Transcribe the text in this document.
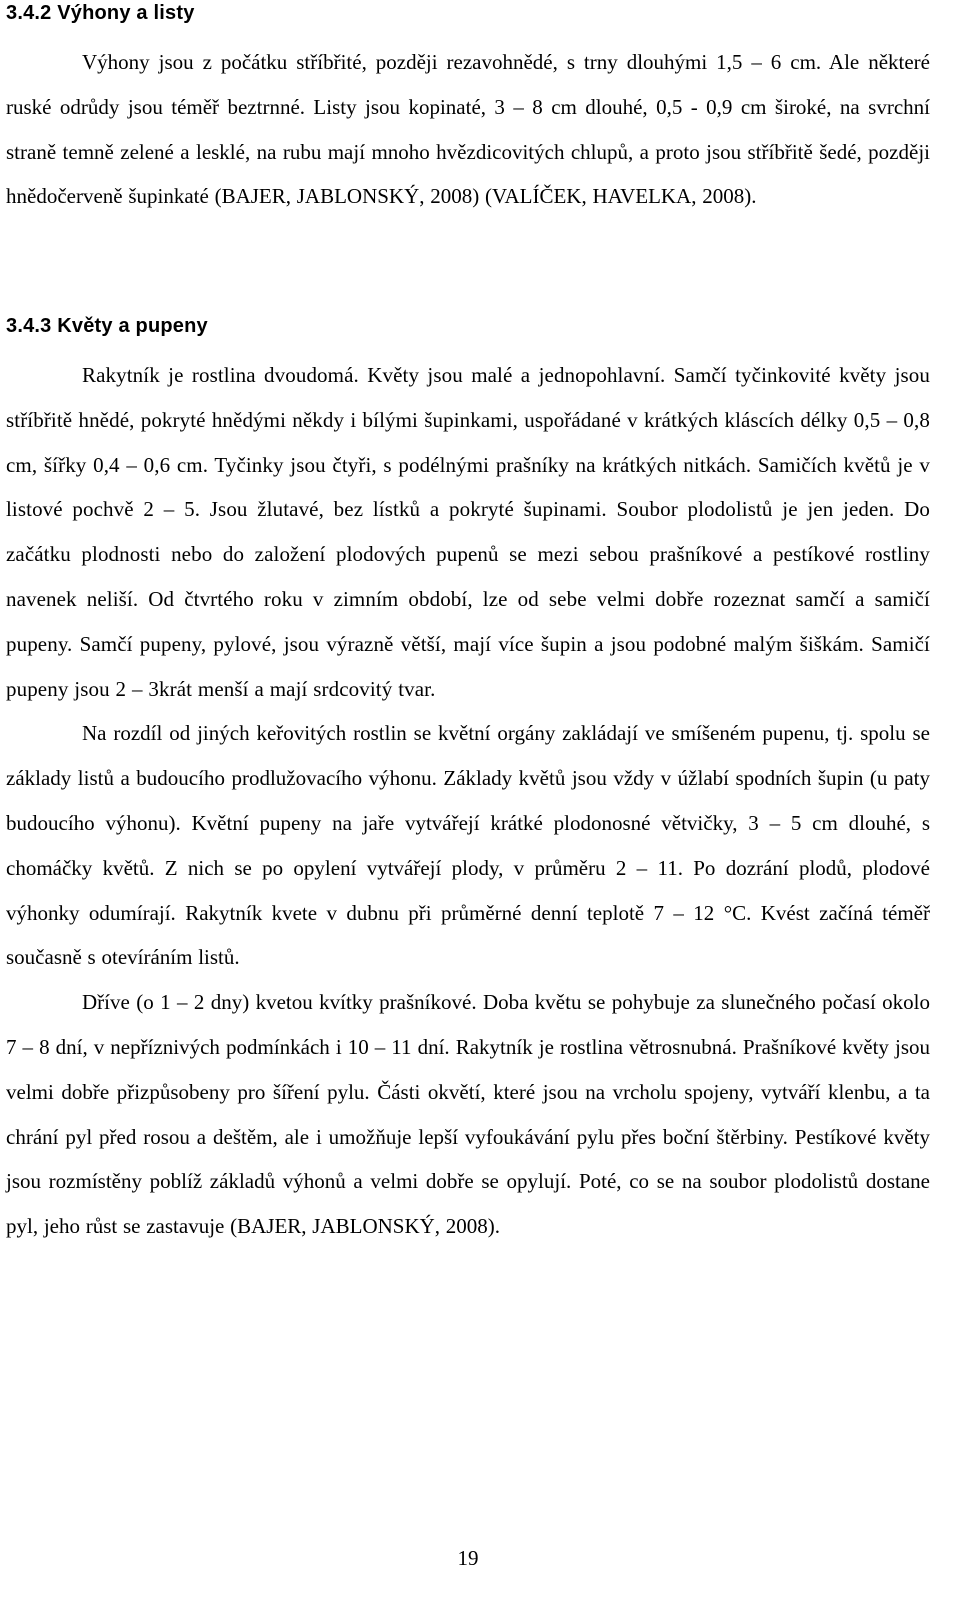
3.4.2 Výhony a listy

Výhony jsou z počátku stříbřité, později rezavohnědé, s trny dlouhými 1,5 – 6 cm. Ale některé ruské odrůdy jsou téměř beztrnné. Listy jsou kopinaté, 3 – 8 cm dlouhé, 0,5 - 0,9 cm široké, na svrchní straně temně zelené a lesklé, na rubu mají mnoho hvězdicovitých chlupů, a proto jsou stříbřitě šedé, později hnědočerveně šupinkaté (BAJER, JABLONSKÝ, 2008) (VALÍČEK, HAVELKA, 2008).

3.4.3 Květy a pupeny

Rakytník je rostlina dvoudomá. Květy jsou malé a jednopohlavní. Samčí tyčinkovité květy jsou stříbřitě hnědé, pokryté hnědými někdy i bílými šupinkami, uspořádané v krátkých kláscích délky 0,5 – 0,8 cm, šířky 0,4 – 0,6 cm. Tyčinky jsou čtyři, s podélnými prašníky na krátkých nitkách. Samičích květů je v listové pochvě 2 – 5. Jsou žlutavé, bez lístků a pokryté šupinami. Soubor plodolistů je jen jeden. Do začátku plodnosti nebo do založení plodových pupenů se mezi sebou prašníkové a pestíkové rostliny navenek neliší. Od čtvrtého roku v zimním období, lze od sebe velmi dobře rozeznat samčí a samičí pupeny. Samčí pupeny, pylové, jsou výrazně větší, mají více šupin a jsou podobné malým šiškám. Samičí pupeny jsou 2 – 3krát menší a mají srdcovitý tvar.

Na rozdíl od jiných keřovitých rostlin se květní orgány zakládají ve smíšeném pupenu, tj. spolu se základy listů a budoucího prodlužovacího výhonu. Základy květů jsou vždy v úžlabí spodních šupin (u paty budoucího výhonu). Květní pupeny na jaře vytvářejí krátké plodonosné větvičky, 3 – 5 cm dlouhé, s chomáčky květů. Z nich se po opylení vytvářejí plody, v průměru 2 – 11. Po dozrání plodů, plodové výhonky odumírají. Rakytník kvete v dubnu při průměrné denní teplotě 7 – 12 °C. Kvést začíná téměř současně s otevíráním listů.

Dříve (o 1 – 2 dny) kvetou kvítky prašníkové. Doba květu se pohybuje za slunečného počasí okolo 7 – 8 dní, v nepříznivých podmínkách i 10 – 11 dní. Rakytník je rostlina větrosnubná. Prašníkové květy jsou velmi dobře přizpůsobeny pro šíření pylu. Části okvětí, které jsou na vrcholu spojeny, vytváří klenbu, a ta chrání pyl před rosou a deštěm, ale i umožňuje lepší vyfoukávání pylu přes boční štěrbiny. Pestíkové květy jsou rozmístěny poblíž základů výhonů a velmi dobře se opylují. Poté, co se na soubor plodolistů dostane pyl, jeho růst se zastavuje (BAJER, JABLONSKÝ, 2008).

19
